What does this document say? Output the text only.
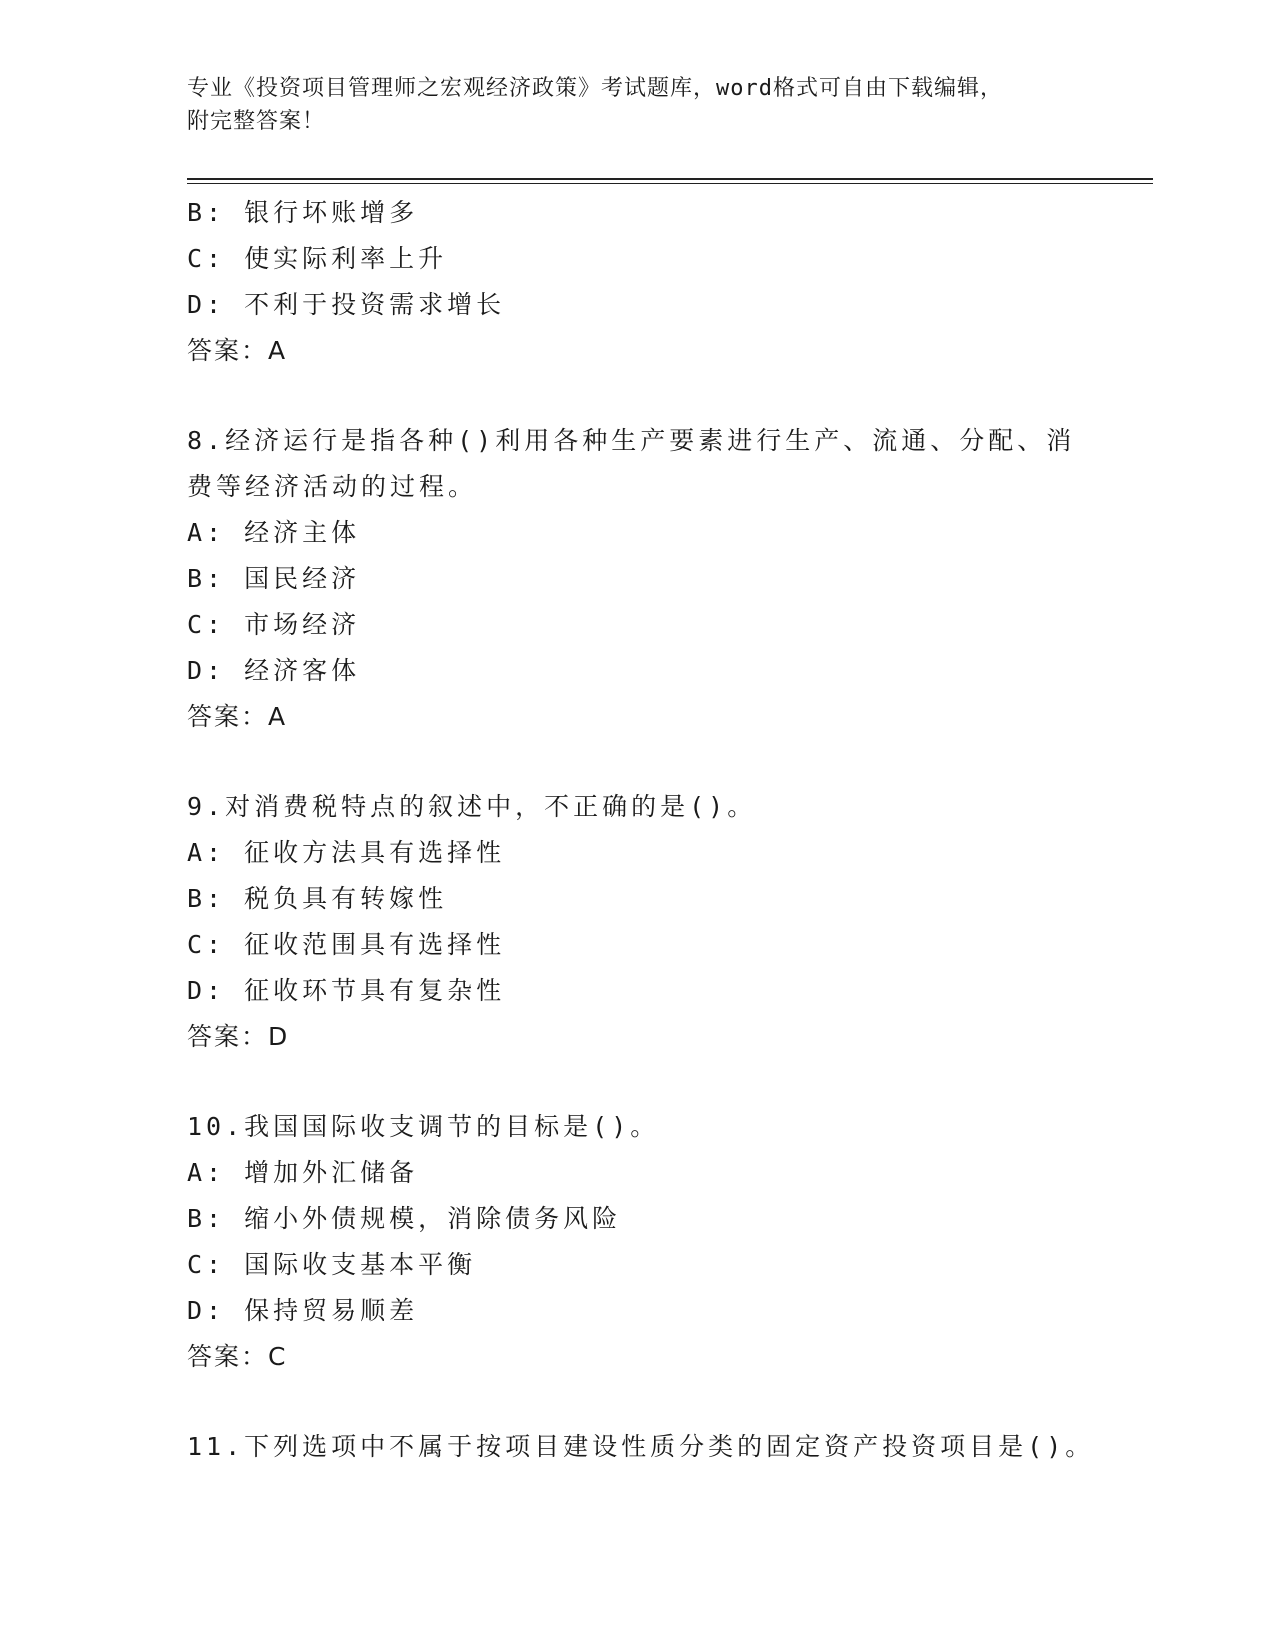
专业《投资项目管理师之宏观经济政策》考试题库，word格式可自由下载编辑，
附完整答案！
B: 银行坏账增多
C: 使实际利率上升
D: 不利于投资需求增长
答案：A
8.经济运行是指各种()利用各种生产要素进行生产、流通、分配、消
费等经济活动的过程。
A: 经济主体
B: 国民经济
C: 市场经济
D: 经济客体
答案：A
9.对消费税特点的叙述中，不正确的是()。
A: 征收方法具有选择性
B: 税负具有转嫁性
C: 征收范围具有选择性
D: 征收环节具有复杂性
答案：D
10.我国国际收支调节的目标是()。
A: 增加外汇储备
B: 缩小外债规模，消除债务风险
C: 国际收支基本平衡
D: 保持贸易顺差
答案：C
11.下列选项中不属于按项目建设性质分类的固定资产投资项目是()。
